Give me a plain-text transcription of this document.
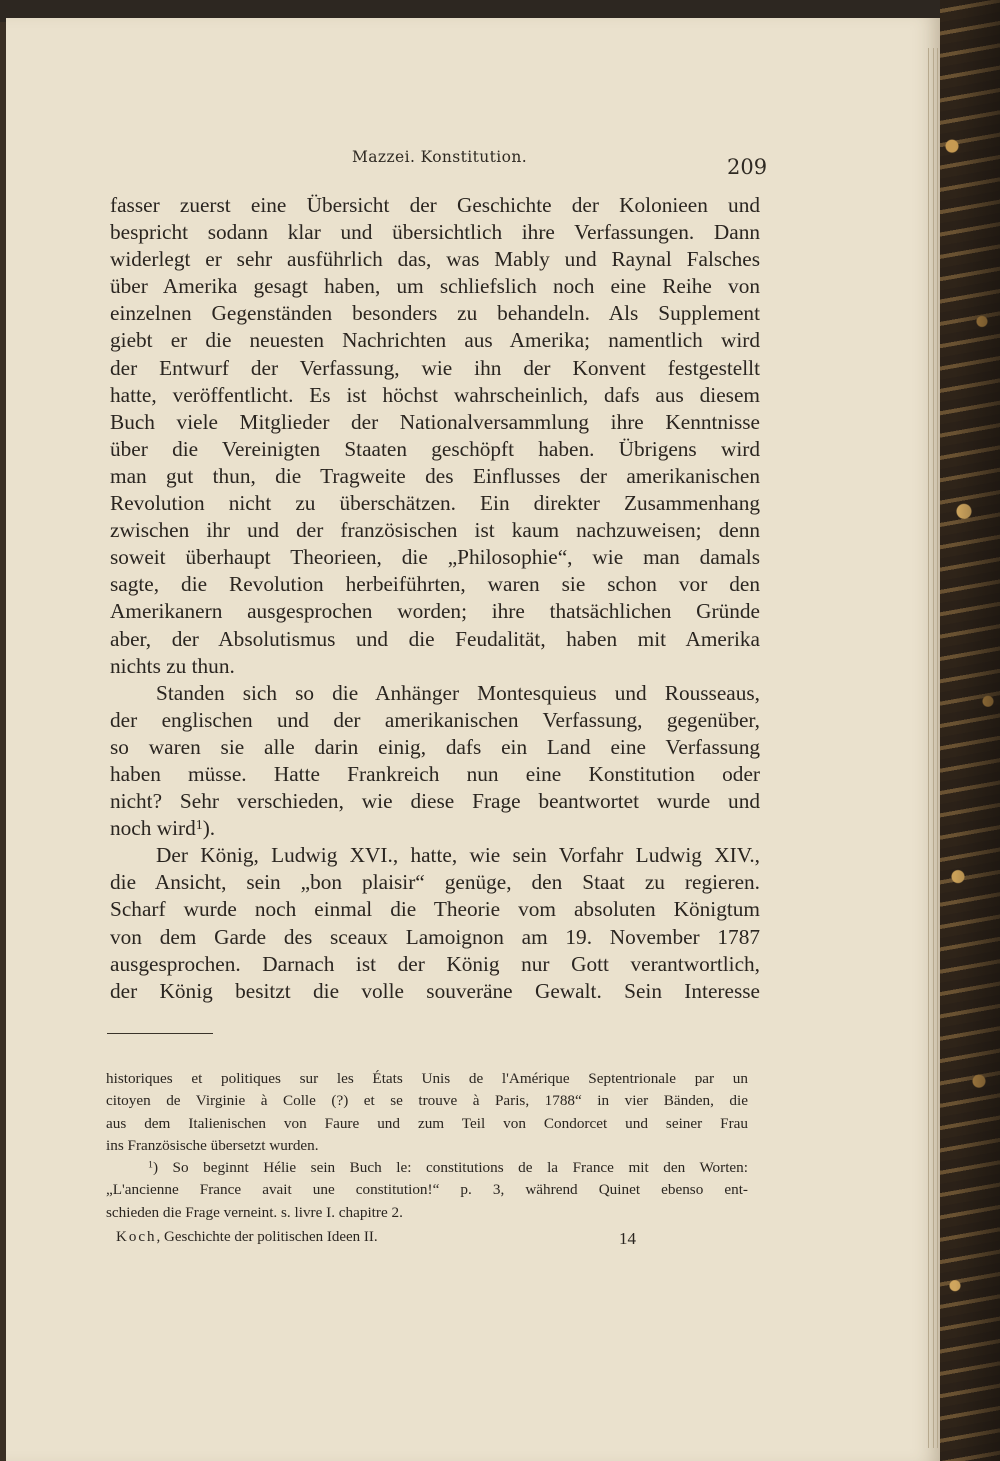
Mazzei. Konstitution.	209
fasser zuerst eine Übersicht der Geschichte der Kolonieen und
bespricht sodann klar und übersichtlich ihre Verfassungen. Dann
widerlegt er sehr ausführlich das, was Mably und Raynal Falsches
über Amerika gesagt haben, um schliefslich noch eine Reihe von
einzelnen Gegenständen besonders zu behandeln. Als Supplement
giebt er die neuesten Nachrichten aus Amerika; namentlich wird
der Entwurf der Verfassung, wie ihn der Konvent festgestellt
hatte, veröffentlicht. Es ist höchst wahrscheinlich, dafs aus diesem
Buch viele Mitglieder der Nationalversammlung ihre Kenntnisse
über die Vereinigten Staaten geschöpft haben. Übrigens wird
man gut thun, die Tragweite des Einflusses der amerikanischen
Revolution nicht zu überschätzen. Ein direkter Zusammenhang
zwischen ihr und der französischen ist kaum nachzuweisen; denn
soweit überhaupt Theorieen, die „Philosophie“, wie man damals
sagte, die Revolution herbeiführten, waren sie schon vor den
Amerikanern ausgesprochen worden; ihre thatsächlichen Gründe
aber, der Absolutismus und die Feudalität, haben mit Amerika
nichts zu thun.
Standen sich so die Anhänger Montesquieus und Rousseaus,
der englischen und der amerikanischen Verfassung, gegenüber,
so waren sie alle darin einig, dafs ein Land eine Verfassung
haben müsse. Hatte Frankreich nun eine Konstitution oder
nicht? Sehr verschieden, wie diese Frage beantwortet wurde und
noch wird$^1$).
Der König, Ludwig XVI., hatte, wie sein Vorfahr Ludwig XIV.,
die Ansicht, sein „bon plaisir“ genüge, den Staat zu regieren.
Scharf wurde noch einmal die Theorie vom absoluten Königtum
von dem Garde des sceaux Lamoignon am 19. November 1787
ausgesprochen. Darnach ist der König nur Gott verantwortlich,
der König besitzt die volle souveräne Gewalt. Sein Interesse
historiques et politiques sur les États Unis de l'Amérique Septentrionale par un
citoyen de Virginie à Colle (?) et se trouve à Paris, 1788“ in vier Bänden, die
aus dem Italienischen von Faure und zum Teil von Condorcet und seiner Frau
ins Französische übersetzt wurden.
$^1$) So beginnt Hélie sein Buch le: constitutions de la France mit den Worten:
„L'ancienne France avait une constitution!“ p. 3, während Quinet ebenso ent-
schieden die Frage verneint. s. livre I. chapitre 2.
Koch, Geschichte der politischen Ideen II.	14
